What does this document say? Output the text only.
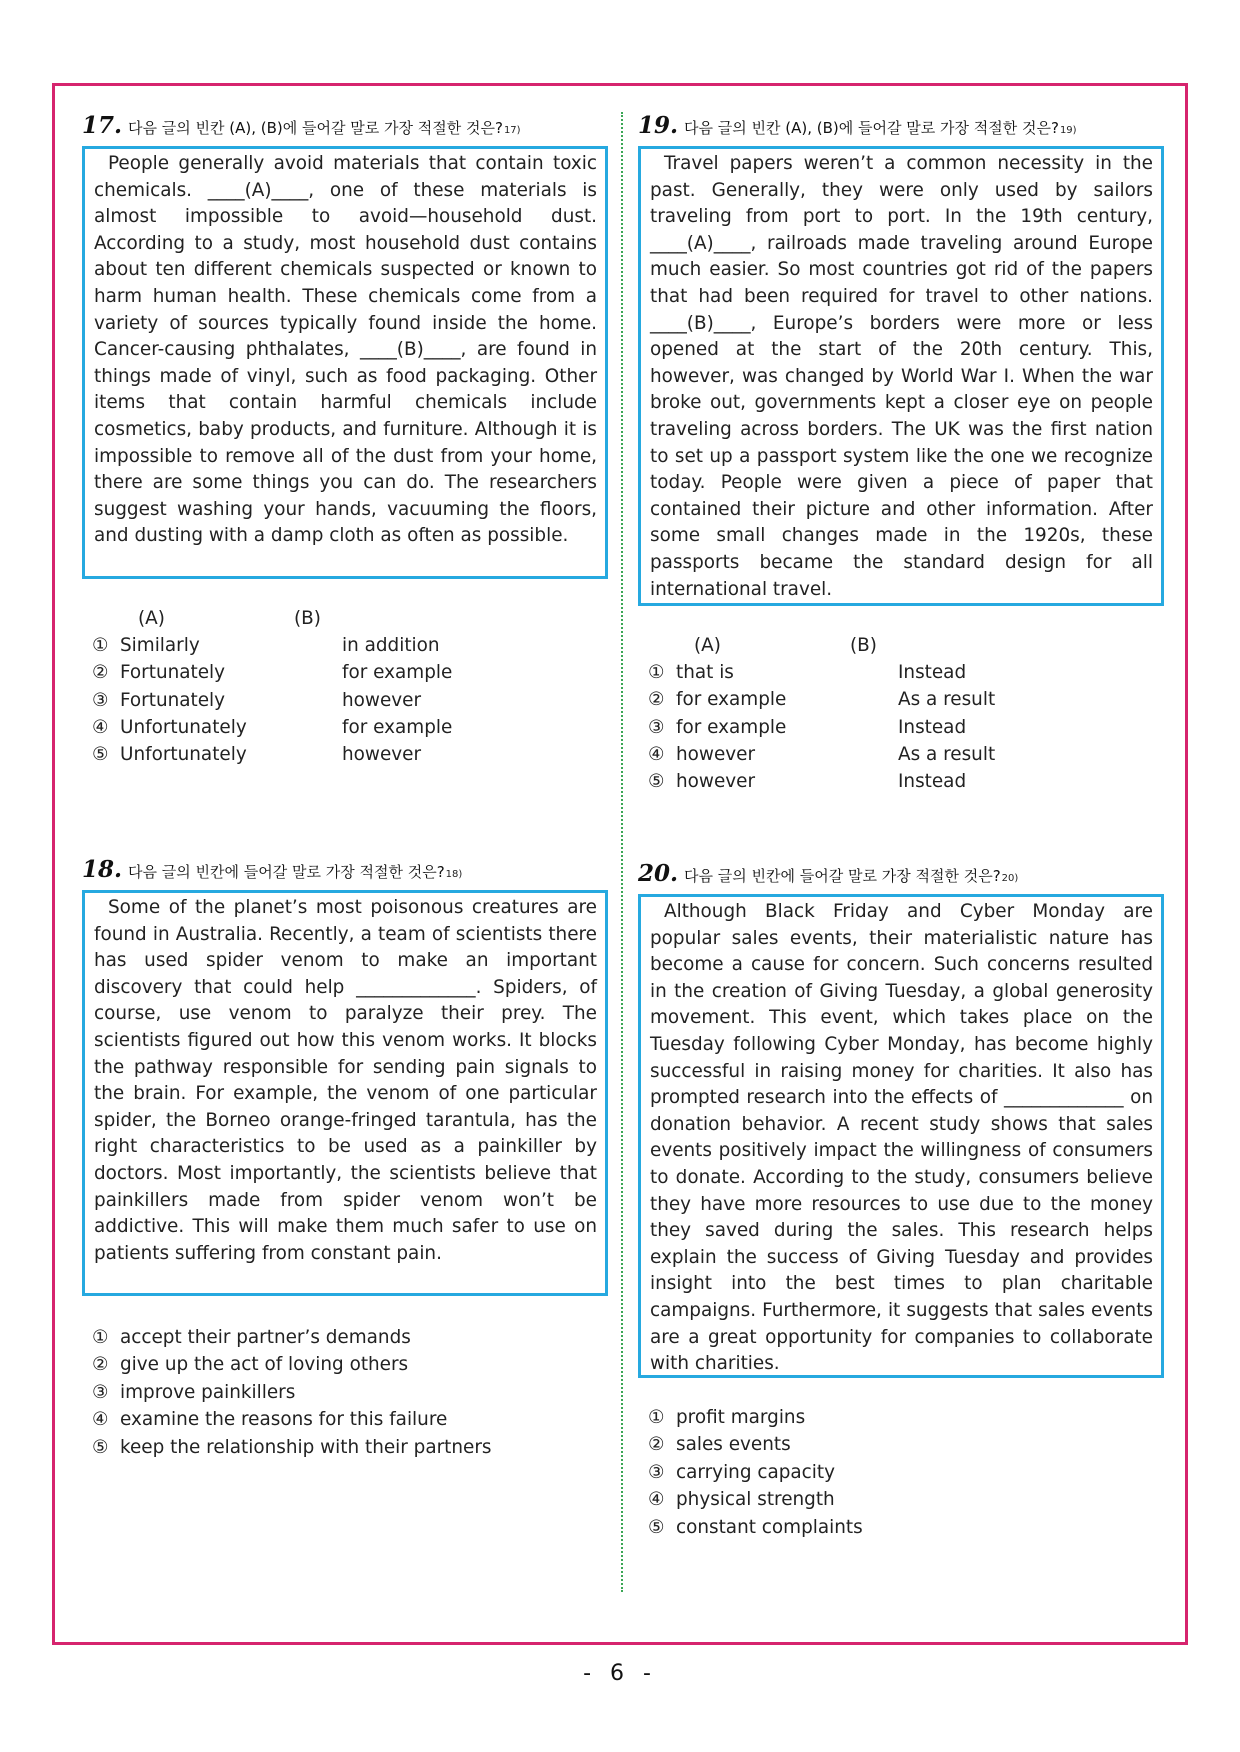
17. 다음 글의 빈칸 (A), (B)에 들어갈 말로 가장 적절한 것은? 17)
People generally avoid materials that contain toxic chemicals. ____(A)____, one of these materials is almost impossible to avoid—household dust. According to a study, most household dust contains about ten different chemicals suspected or known to harm human health. These chemicals come from a variety of sources typically found inside the home. Cancer-causing phthalates, ____(B)____, are found in things made of vinyl, such as food packaging. Other items that contain harmful chemicals include cosmetics, baby products, and furniture. Although it is impossible to remove all of the dust from your home, there are some things you can do. The researchers suggest washing your hands, vacuuming the floors, and dusting with a damp cloth as often as possible.
(A)	(B)
① Similarly	in addition
② Fortunately	for example
③ Fortunately	however
④ Unfortunately	for example
⑤ Unfortunately	however
18. 다음 글의 빈칸에 들어갈 말로 가장 적절한 것은? 18)
Some of the planet’s most poisonous creatures are found in Australia. Recently, a team of scientists there has used spider venom to make an important discovery that could help _____________. Spiders, of course, use venom to paralyze their prey. The scientists figured out how this venom works. It blocks the pathway responsible for sending pain signals to the brain. For example, the venom of one particular spider, the Borneo orange-fringed tarantula, has the right characteristics to be used as a painkiller by doctors. Most importantly, the scientists believe that painkillers made from spider venom won’t be addictive. This will make them much safer to use on patients suffering from constant pain.
① accept their partner’s demands
② give up the act of loving others
③ improve painkillers
④ examine the reasons for this failure
⑤ keep the relationship with their partners
19. 다음 글의 빈칸 (A), (B)에 들어갈 말로 가장 적절한 것은? 19)
Travel papers weren’t a common necessity in the past. Generally, they were only used by sailors traveling from port to port. In the 19th century, ____(A)____, railroads made traveling around Europe much easier. So most countries got rid of the papers that had been required for travel to other nations. ____(B)____, Europe’s borders were more or less opened at the start of the 20th century. This, however, was changed by World War I. When the war broke out, governments kept a closer eye on people traveling across borders. The UK was the first nation to set up a passport system like the one we recognize today. People were given a piece of paper that contained their picture and other information. After some small changes made in the 1920s, these passports became the standard design for all international travel.
(A)	(B)
① that is	Instead
② for example	As a result
③ for example	Instead
④ however	As a result
⑤ however	Instead
20. 다음 글의 빈칸에 들어갈 말로 가장 적절한 것은? 20)
Although Black Friday and Cyber Monday are popular sales events, their materialistic nature has become a cause for concern. Such concerns resulted in the creation of Giving Tuesday, a global generosity movement. This event, which takes place on the Tuesday following Cyber Monday, has become highly successful in raising money for charities. It also has prompted research into the effects of _____________ on donation behavior. A recent study shows that sales events positively impact the willingness of consumers to donate. According to the study, consumers believe they have more resources to use due to the money they saved during the sales. This research helps explain the success of Giving Tuesday and provides insight into the best times to plan charitable campaigns. Furthermore, it suggests that sales events are a great opportunity for companies to collaborate with charities.
① profit margins
② sales events
③ carrying capacity
④ physical strength
⑤ constant complaints
- 6 -
